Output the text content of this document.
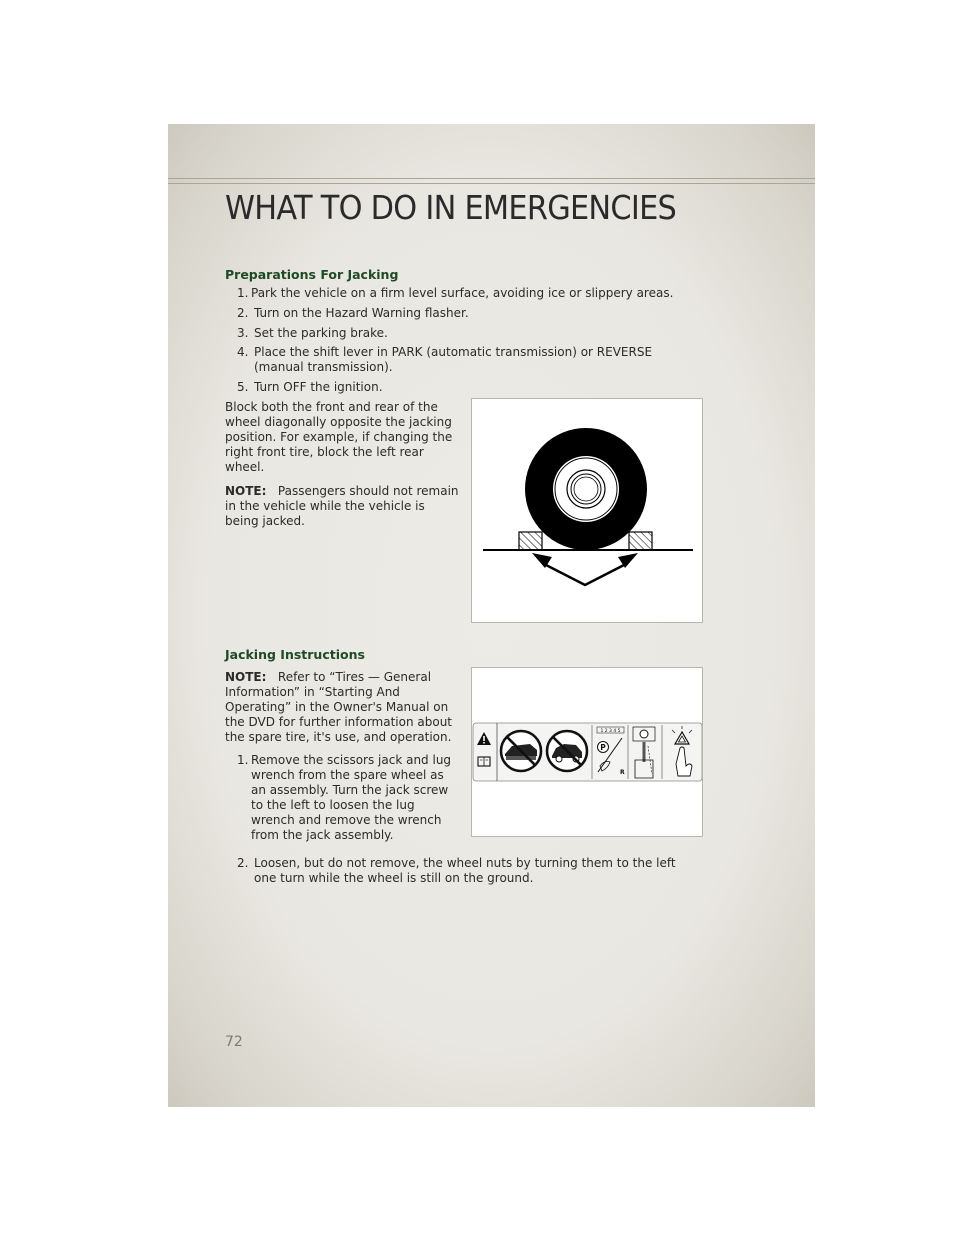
WHAT TO DO IN EMERGENCIES
Preparations For Jacking
1. Park the vehicle on a firm level surface, avoiding ice or slippery areas.
2. Turn on the Hazard Warning flasher.
3. Set the parking brake.
4. Place the shift lever in PARK (automatic transmission) or REVERSE
(manual transmission).
5. Turn OFF the ignition.
Block both the front and rear of the
wheel diagonally opposite the jacking
position. For example, if changing the
right front tire, block the left rear
wheel.
NOTE: Passengers should not remain
in the vehicle while the vehicle is
being jacked.
Jacking Instructions
NOTE: Refer to “Tires — General
Information” in “Starting And
Operating” in the Owner's Manual on
the DVD for further information about
the spare tire, it's use, and operation.
1. Remove the scissors jack and lug
wrench from the spare wheel as
an assembly. Turn the jack screw
to the left to loosen the lug
wrench and remove the wrench
from the jack assembly.
2. Loosen, but do not remove, the wheel nuts by turning them to the left
one turn while the wheel is still on the ground.
1 2 3 4 5
P
R
72
